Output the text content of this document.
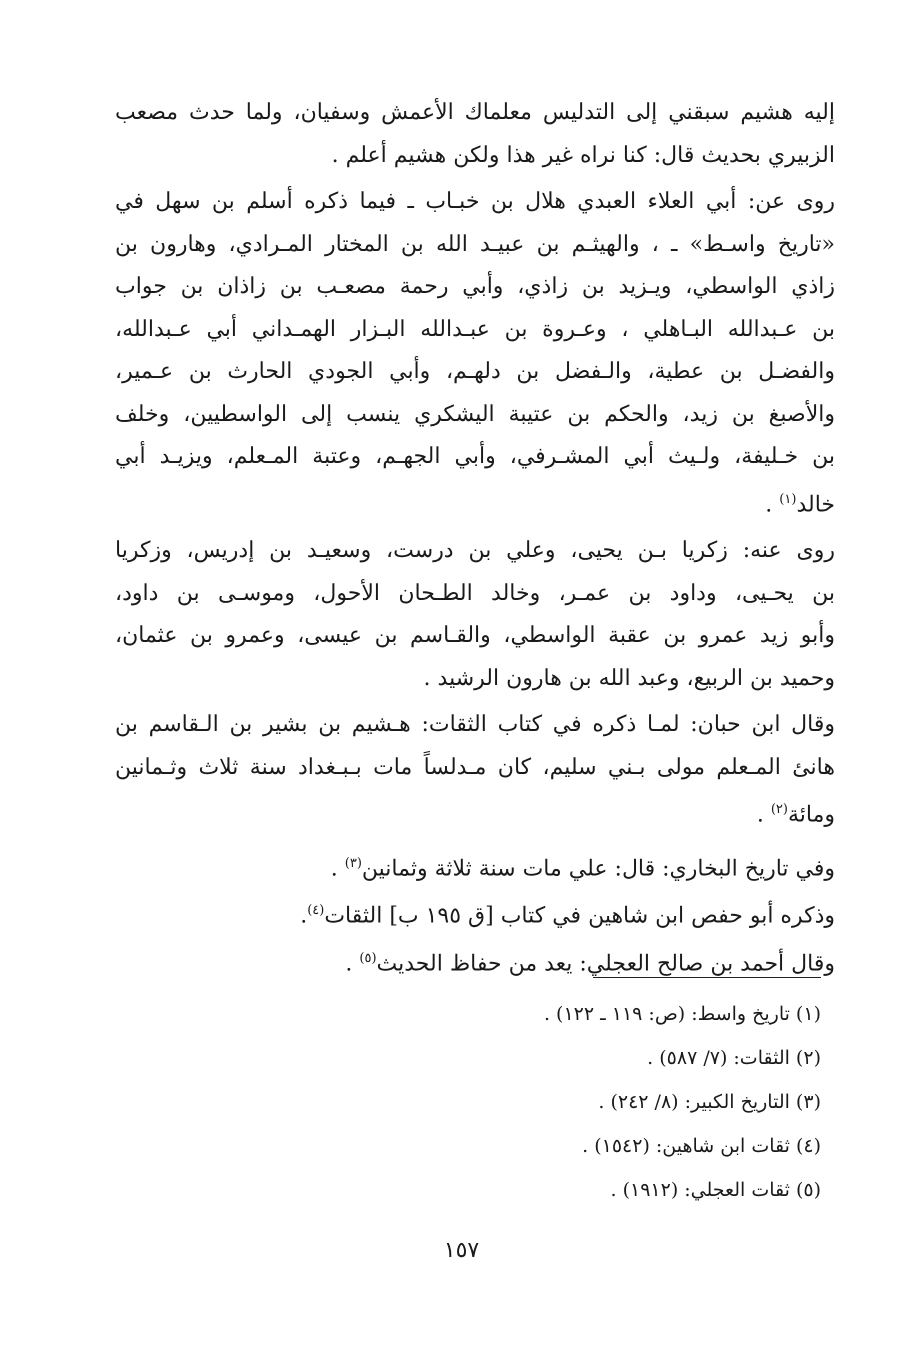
إليه هشيم سبقني إلى التدليس معلماك الأعمش وسفيان، ولما حدث مصعب
الزبيري بحديث قال: كنا نراه غير هذا ولكن هشيم أعلم .
روى عن: أبي العلاء العبدي هلال بن خبـاب ـ فيما ذكره أسلم بن سهل في
«تاريخ واسـط» ـ ، والهيثـم بن عبيـد الله بن المختار المـرادي، وهارون بن
زاذي الواسطي، ويـزيد بن زاذي، وأبي رحمة مصعـب بن زاذان بن جواب
بن عـبدالله البـاهلي ، وعـروة بن عبـدالله البـزار الهمـداني أبي عـبدالله،
والفضـل بن عطية، والـفضل بن دلهـم، وأبي الجودي الحارث بن عـمير،
والأصبغ بن زيد، والحكم بن عتيبة اليشكري ينسب إلى الواسطيين، وخلف
بن خـليفة، ولـيث أبي المشـرفي، وأبي الجهـم، وعتبة المـعلم، ويزيـد أبي
خالد$^{(١)}$ .
روى عنه: زكريا بـن يحيى، وعلي بن درست، وسعيـد بن إدريس، وزكريا
بن يحـيى، وداود بن عمـر، وخالد الطـحان الأحول، وموسـى بن داود،
وأبو زيد عمرو بن عقبة الواسطي، والقـاسم بن عيسى، وعمرو بن عثمان،
وحميد بن الربيع، وعبد الله بن هارون الرشيد .
وقال ابن حبان: لمـا ذكره في كتاب الثقات: هـشيم بن بشير بن الـقاسم بن
هانئ المـعلم مولى بـني سليم، كان مـدلساً مات بـبـغداد سنة ثلاث وثـمانين
ومائة$^{(٢)}$ .
وفي تاريخ البخاري: قال: علي مات سنة ثلاثة وثمانين$^{(٣)}$ .
وذكره أبو حفص ابن شاهين في كتاب [ق ١٩٥ ب] الثقات$^{(٤)}$.
وقال أحمد بن صالح العجلي: يعد من حفاظ الحديث$^{(٥)}$ .
(١) تاريخ واسط: (ص: ١١٩ ـ ١٢٢) .
(٢) الثقات: (٧/ ٥٨٧) .
(٣) التاريخ الكبير: (٨/ ٢٤٢) .
(٤) ثقات ابن شاهين: (١٥٤٢) .
(٥) ثقات العجلي: (١٩١٢) .
١٥٧
